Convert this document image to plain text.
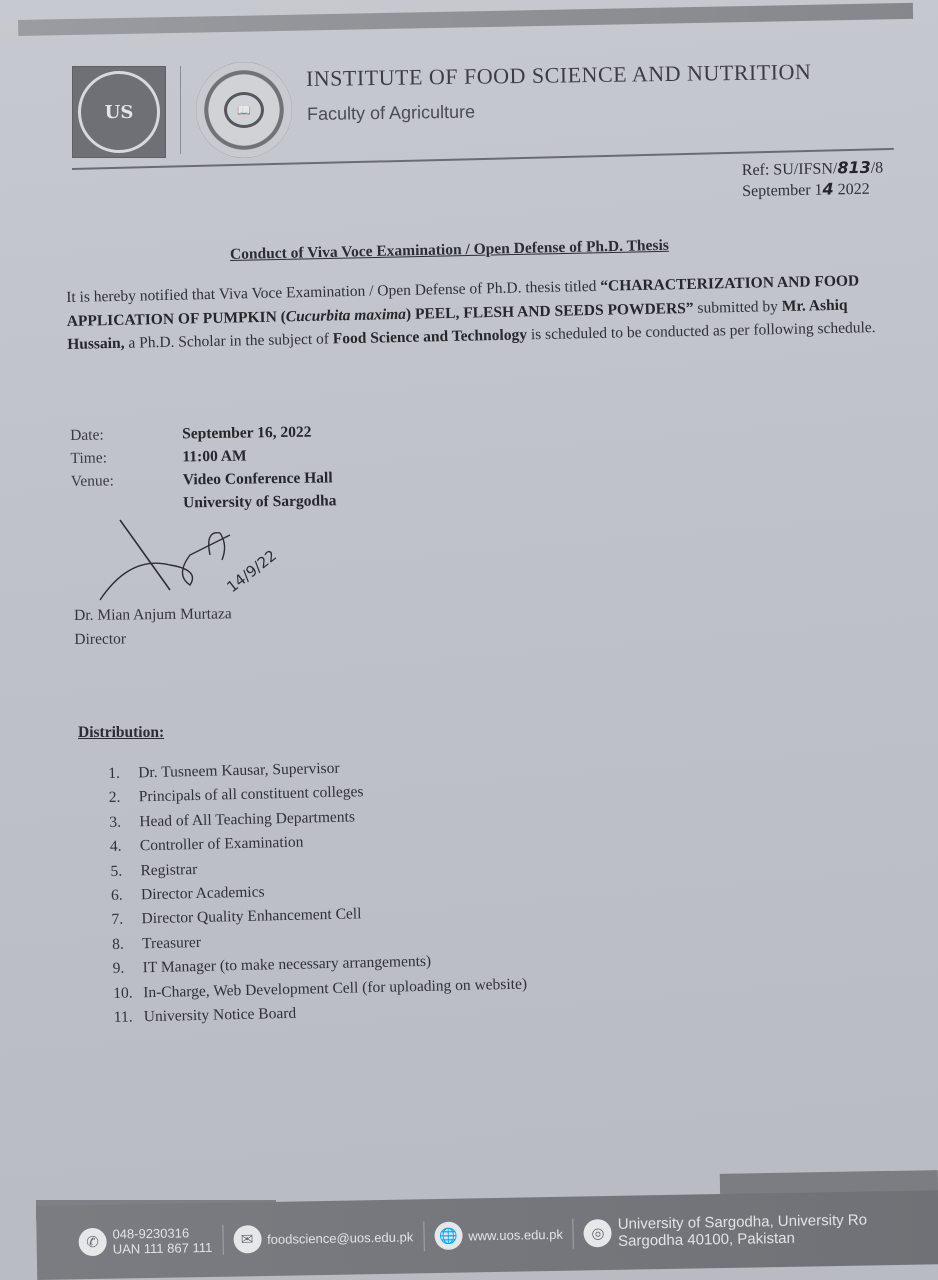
US	📖
INSTITUTE OF FOOD SCIENCE AND NUTRITION
Faculty of Agriculture
Ref: SU/IFSN/813/8
September 14 2022
Conduct of Viva Voce Examination / Open Defense of Ph.D. Thesis
It is hereby notified that Viva Voce Examination / Open Defense of Ph.D. thesis titled “CHARACTERIZATION AND FOOD APPLICATION OF PUMPKIN (Cucurbita maxima) PEEL, FLESH AND SEEDS POWDERS” submitted by Mr. Ashiq Hussain, a Ph.D. Scholar in the subject of Food Science and Technology is scheduled to be conducted as per following schedule.
Date:	September 16, 2022
Time:	11:00 AM
Venue:	Video Conference Hall
University of Sargodha
14/9/22
Dr. Mian Anjum Murtaza
Director
Distribution:
1.	Dr. Tusneem Kausar, Supervisor
2.	Principals of all constituent colleges
3.	Head of All Teaching Departments
4.	Controller of Examination
5.	Registrar
6.	Director Academics
7.	Director Quality Enhancement Cell
8.	Treasurer
9.	IT Manager (to make necessary arrangements)
10. In-Charge, Web Development Cell (for uploading on website)
11. University Notice Board
✆	048-9230316
UAN 111 867 111	✉	foodscience@uos.edu.pk	🌐 www.uos.edu.pk	◎
University of Sargodha, University Ro
Sargodha 40100, Pakistan
